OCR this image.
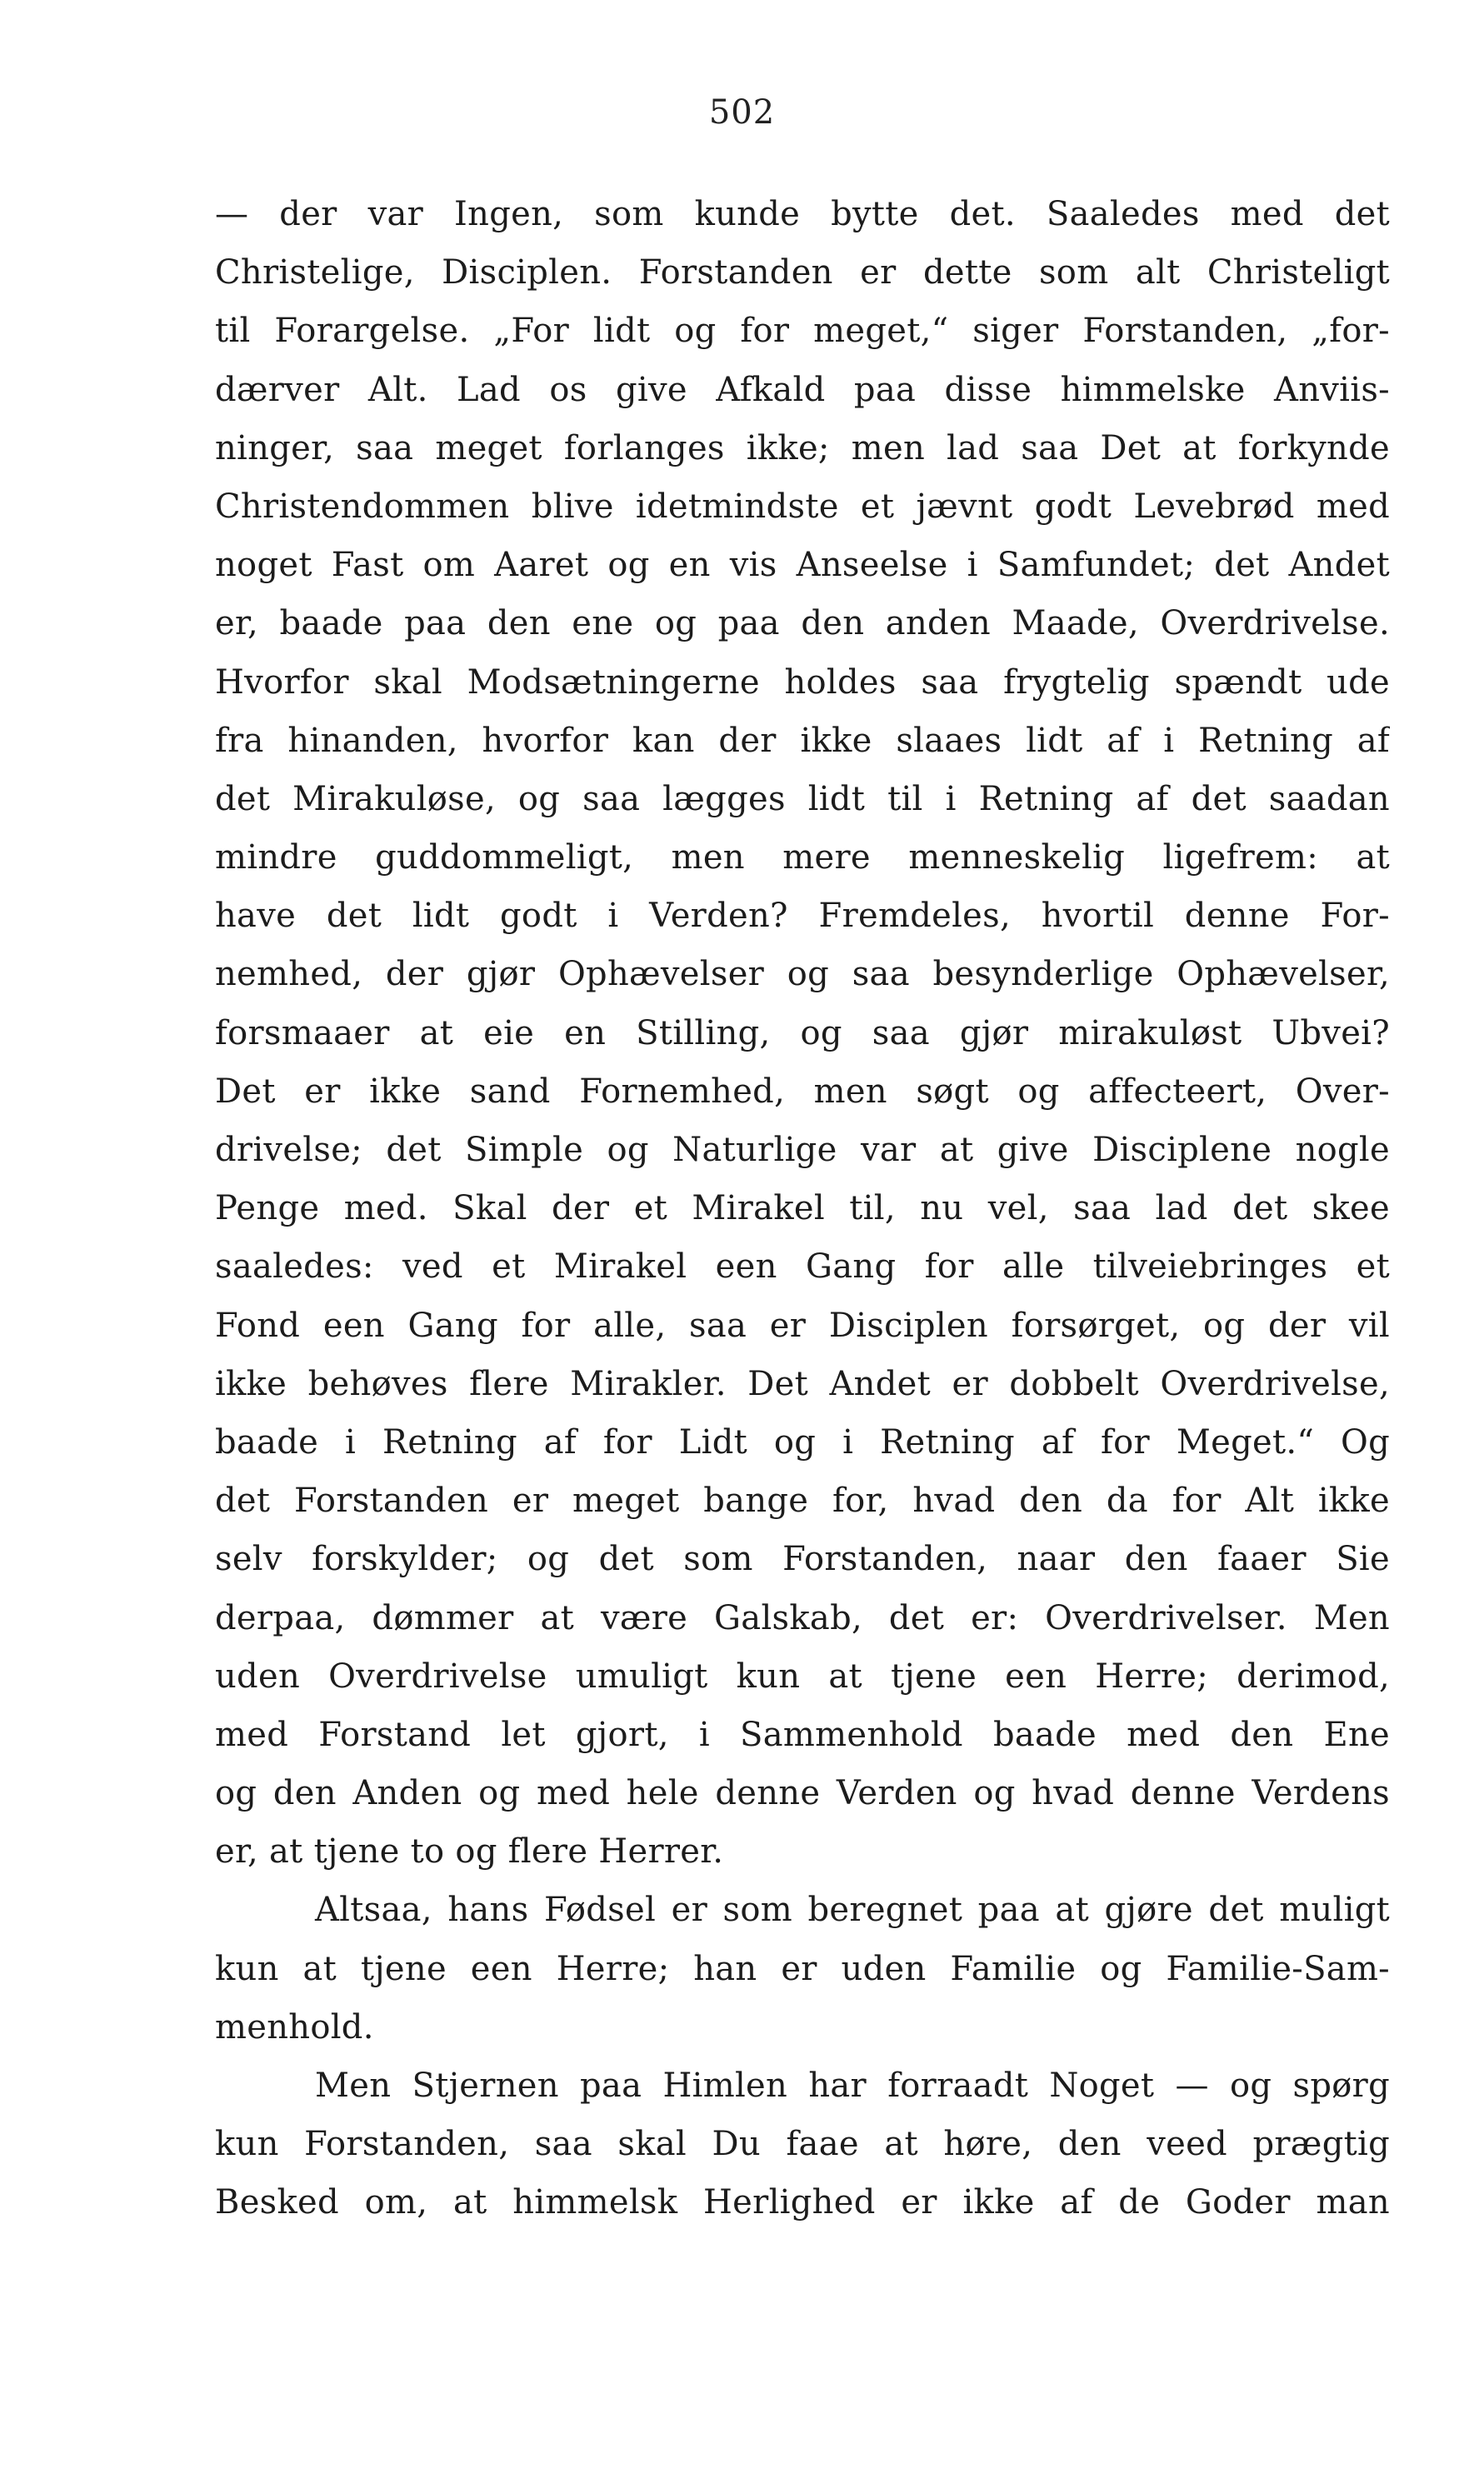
502
— der var Ingen, som kunde bytte det. Saaledes med det
Christelige, Disciplen. Forstanden er dette som alt Christeligt
til Forargelse. „For lidt og for meget,“ siger Forstanden, „for-
dærver Alt. Lad os give Afkald paa disse himmelske Anviis-
ninger, saa meget forlanges ikke; men lad saa Det at forkynde
Christendommen blive idetmindste et jævnt godt Levebrød med
noget Fast om Aaret og en vis Anseelse i Samfundet; det Andet
er, baade paa den ene og paa den anden Maade, Overdrivelse.
Hvorfor skal Modsætningerne holdes saa frygtelig spændt ude
fra hinanden, hvorfor kan der ikke slaaes lidt af i Retning af
det Mirakuløse, og saa lægges lidt til i Retning af det saadan
mindre guddommeligt, men mere menneskelig ligefrem: at
have det lidt godt i Verden? Fremdeles, hvortil denne For-
nemhed, der gjør Ophævelser og saa besynderlige Ophævelser,
forsmaaer at eie en Stilling, og saa gjør mirakuløst Ubvei?
Det er ikke sand Fornemhed, men søgt og affecteert, Over-
drivelse; det Simple og Naturlige var at give Disciplene nogle
Penge med. Skal der et Mirakel til, nu vel, saa lad det skee
saaledes: ved et Mirakel een Gang for alle tilveiebringes et
Fond een Gang for alle, saa er Disciplen forsørget, og der vil
ikke behøves flere Mirakler. Det Andet er dobbelt Overdrivelse,
baade i Retning af for Lidt og i Retning af for Meget.“ Og
det Forstanden er meget bange for, hvad den da for Alt ikke
selv forskylder; og det som Forstanden, naar den faaer Sie
derpaa, dømmer at være Galskab, det er: Overdrivelser. Men
uden Overdrivelse umuligt kun at tjene een Herre; derimod,
med Forstand let gjort, i Sammenhold baade med den Ene
og den Anden og med hele denne Verden og hvad denne Verdens
er, at tjene to og flere Herrer.
Altsaa, hans Fødsel er som beregnet paa at gjøre det muligt
kun at tjene een Herre; han er uden Familie og Familie-Sam-
menhold.
Men Stjernen paa Himlen har forraadt Noget — og spørg
kun Forstanden, saa skal Du faae at høre, den veed prægtig
Besked om, at himmelsk Herlighed er ikke af de Goder man
